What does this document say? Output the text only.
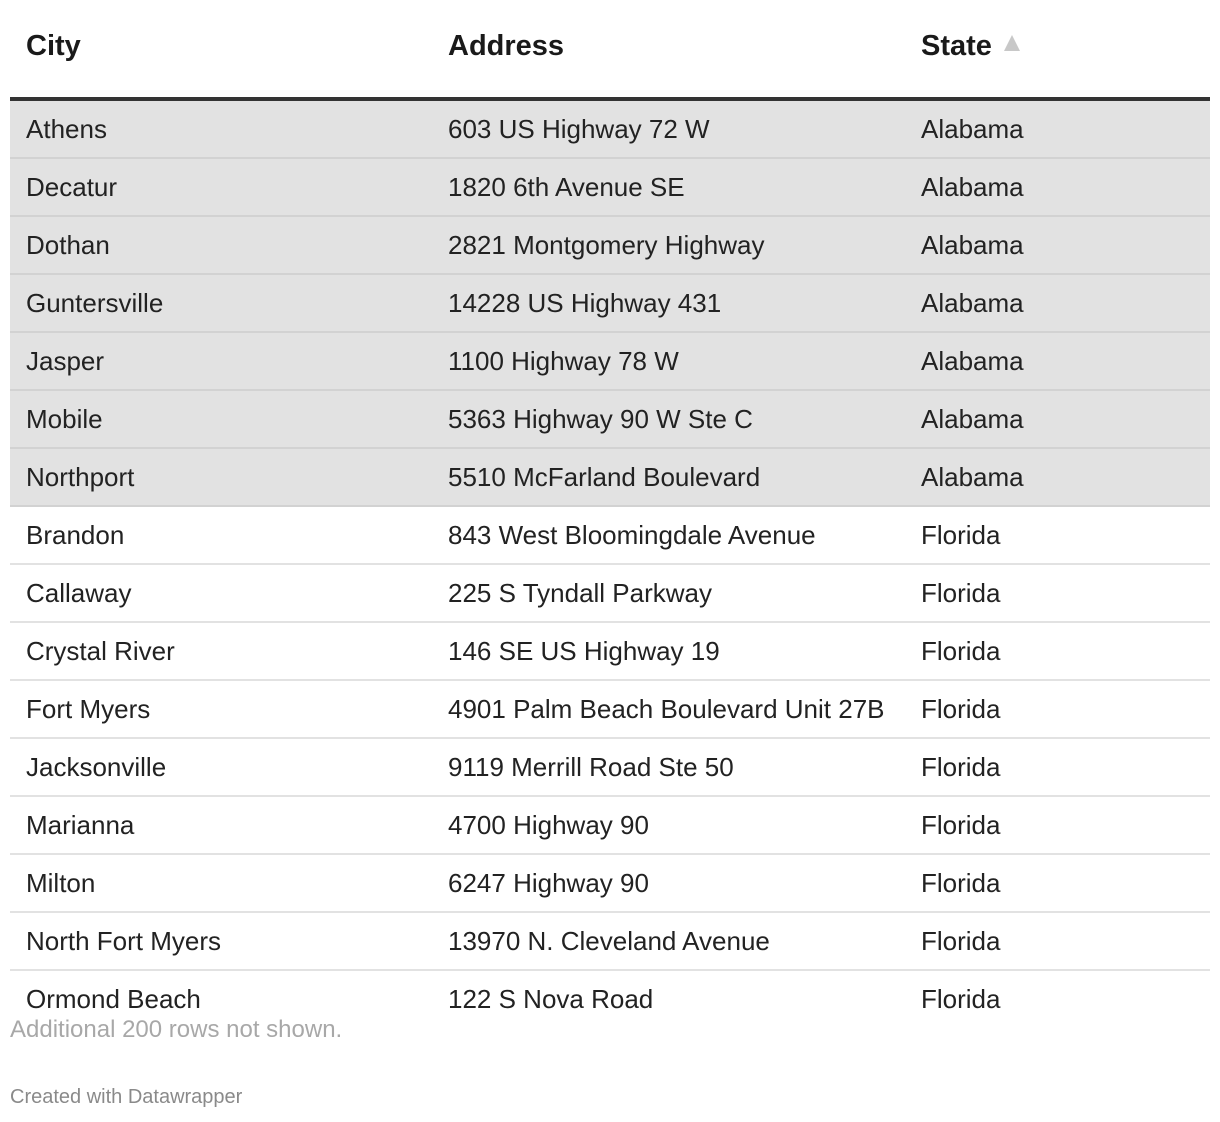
City	Address	State
Athens	603 US Highway 72 W	Alabama
Decatur	1820 6th Avenue SE	Alabama
Dothan	2821 Montgomery Highway	Alabama
Guntersville	14228 US Highway 431	Alabama
Jasper	1100 Highway 78 W	Alabama
Mobile	5363 Highway 90 W Ste C	Alabama
Northport	5510 McFarland Boulevard	Alabama
Brandon	843 West Bloomingdale Avenue	Florida
Callaway	225 S Tyndall Parkway	Florida
Crystal River	146 SE US Highway 19	Florida
Fort Myers	4901 Palm Beach Boulevard Unit 27B	Florida
Jacksonville	9119 Merrill Road Ste 50	Florida
Marianna	4700 Highway 90	Florida
Milton	6247 Highway 90	Florida
North Fort Myers	13970 N. Cleveland Avenue	Florida
Ormond Beach	122 S Nova Road	Florida
Additional 200 rows not shown.
Created with Datawrapper
